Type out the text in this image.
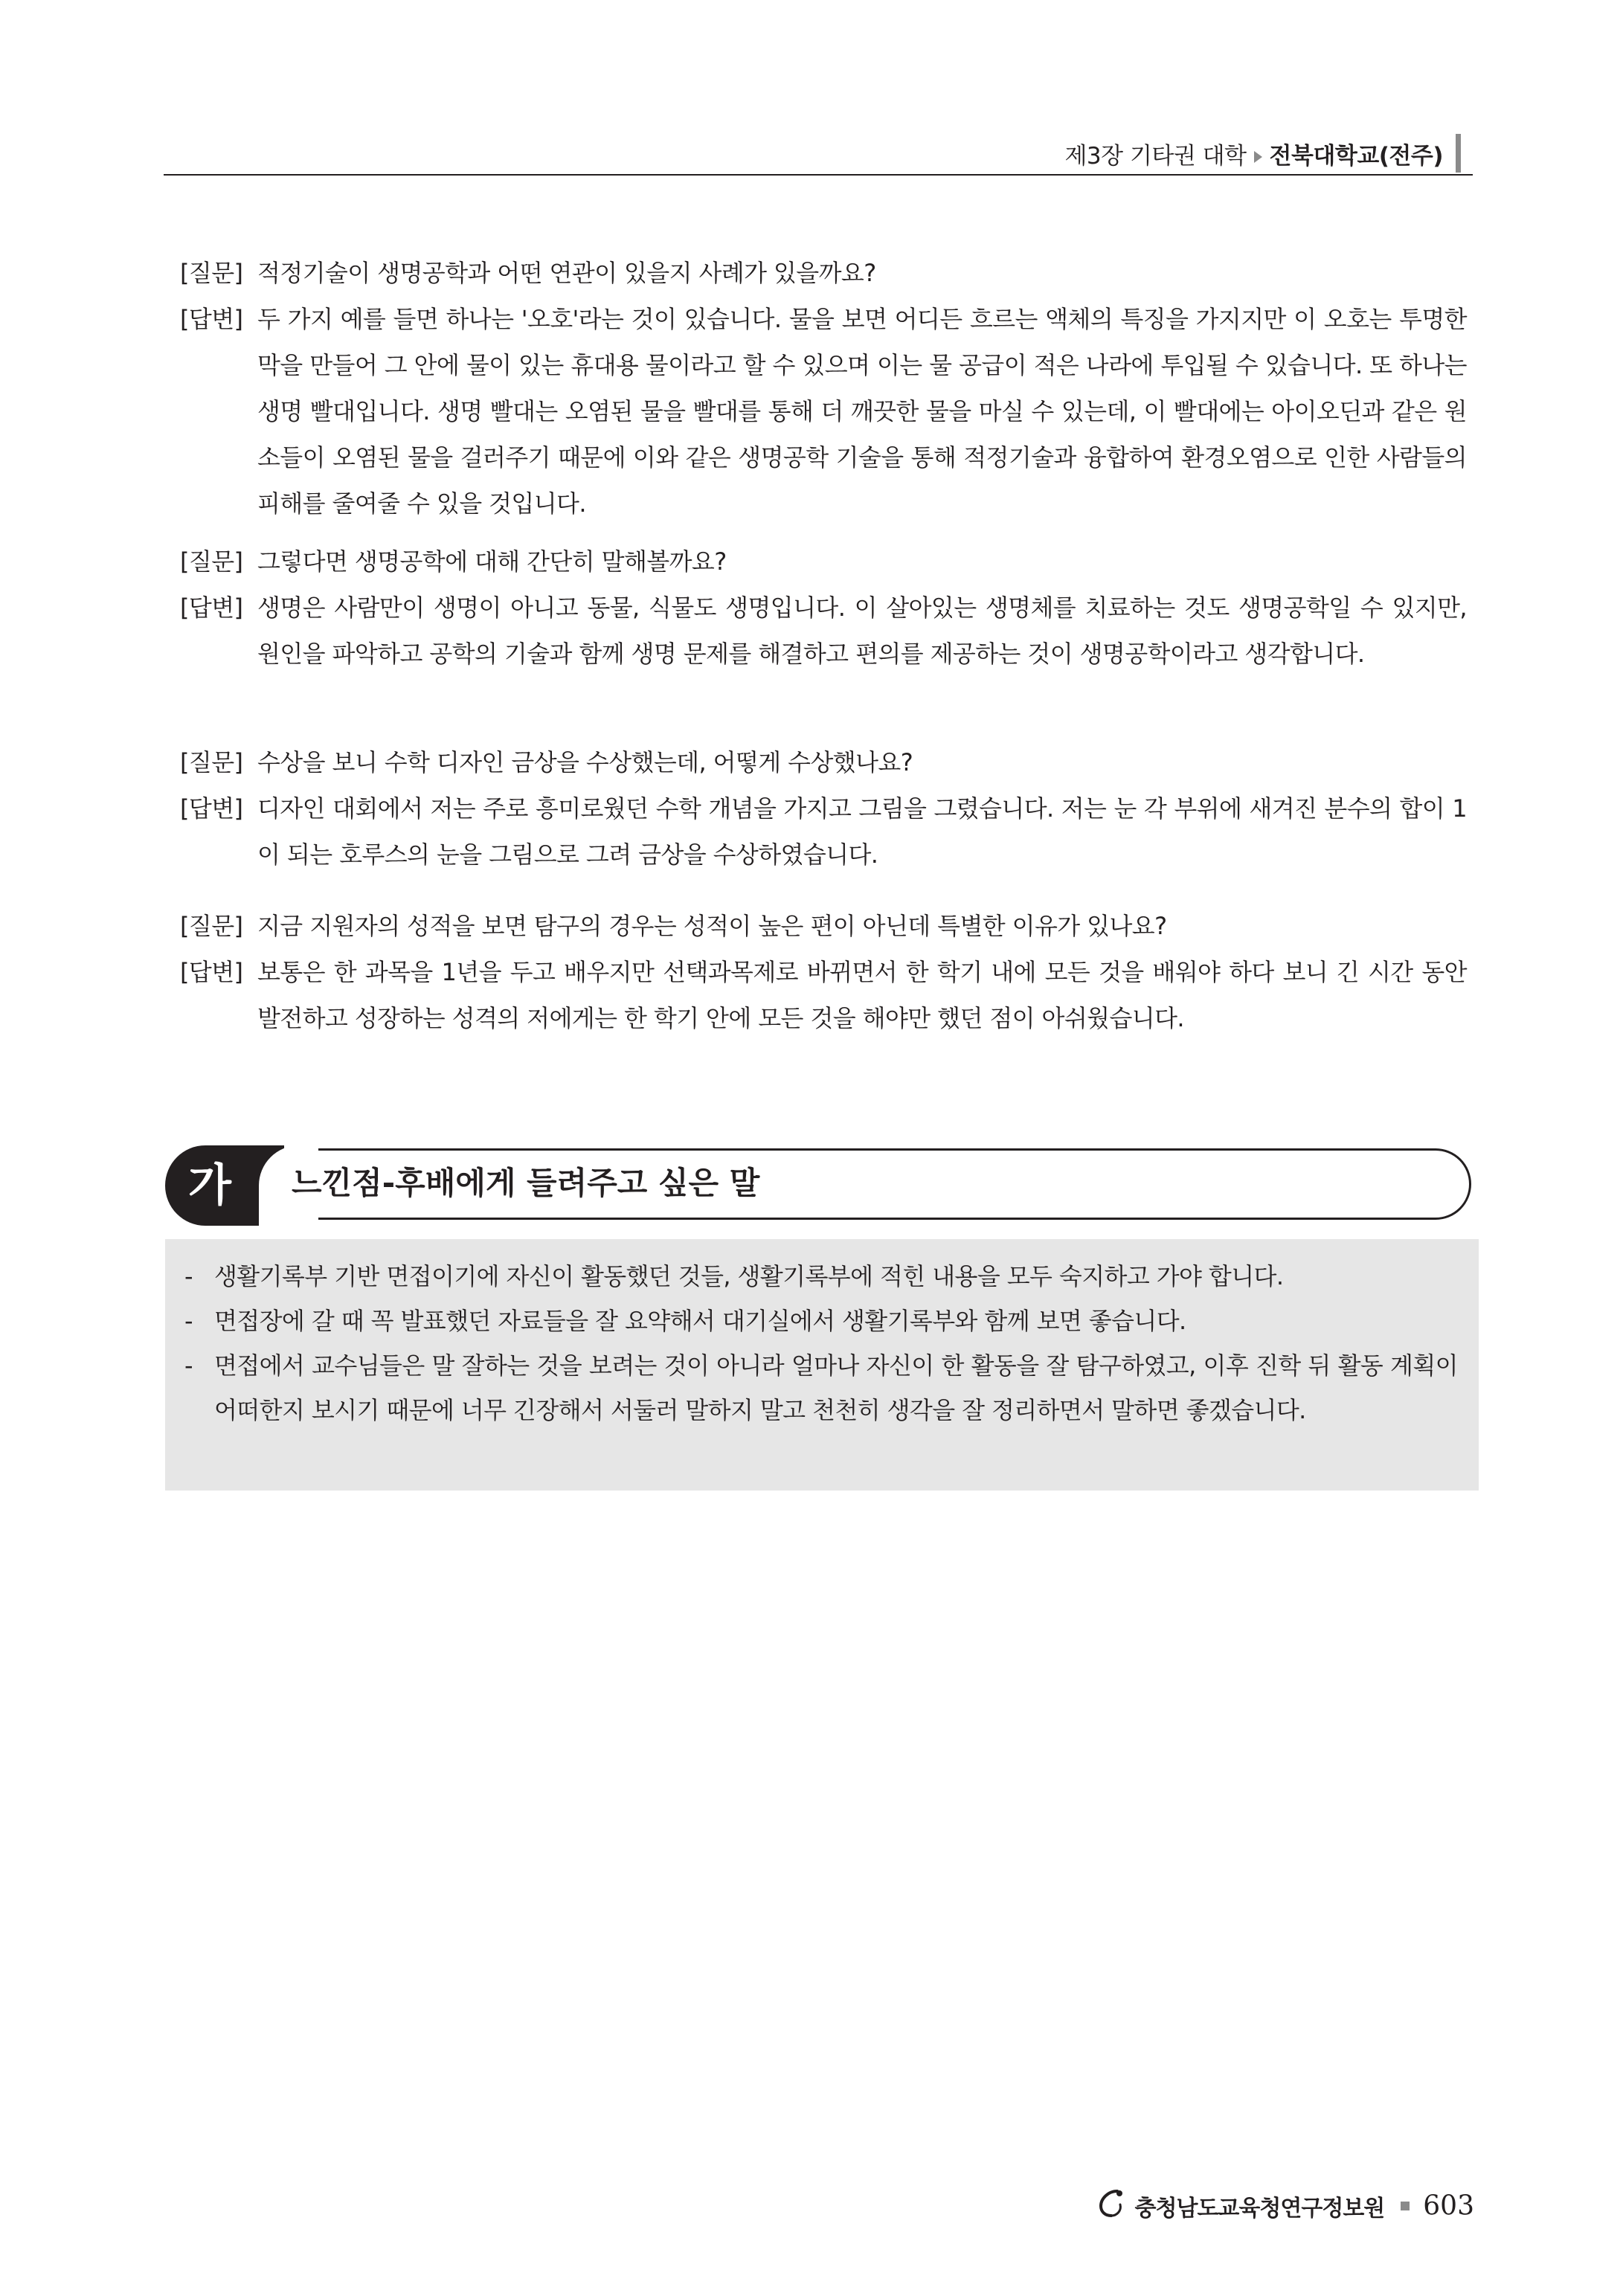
제3장 기타권 대학 전북대학교(전주)
[질문] 적정기술이 생명공학과 어떤 연관이 있을지 사례가 있을까요?
[답변] 두 가지 예를 들면 하나는 '오호'라는 것이 있습니다. 물을 보면 어디든 흐르는 액체의 특징을 가지지만 이 오호는 투명한 막을 만들어 그 안에 물이 있는 휴대용 물이라고 할 수 있으며 이는 물 공급이 적은 나라에 투입될 수 있습니다. 또 하나는 생명 빨대입니다. 생명 빨대는 오염된 물을 빨대를 통해 더 깨끗한 물을 마실 수 있는데, 이 빨대에는 아이오딘과 같은 원소들이 오염된 물을 걸러주기 때문에 이와 같은 생명공학 기술을 통해 적정기술과 융합하여 환경오염으로 인한 사람들의 피해를 줄여줄 수 있을 것입니다.
[질문] 그렇다면 생명공학에 대해 간단히 말해볼까요?
[답변] 생명은 사람만이 생명이 아니고 동물, 식물도 생명입니다. 이 살아있는 생명체를 치료하는 것도 생명공학일 수 있지만, 원인을 파악하고 공학의 기술과 함께 생명 문제를 해결하고 편의를 제공하는 것이 생명공학이라고 생각합니다.
[질문] 수상을 보니 수학 디자인 금상을 수상했는데, 어떻게 수상했나요?
[답변] 디자인 대회에서 저는 주로 흥미로웠던 수학 개념을 가지고 그림을 그렸습니다. 저는 눈 각 부위에 새겨진 분수의 합이 1이 되는 호루스의 눈을 그림으로 그려 금상을 수상하였습니다.
[질문] 지금 지원자의 성적을 보면 탐구의 경우는 성적이 높은 편이 아닌데 특별한 이유가 있나요?
[답변] 보통은 한 과목을 1년을 두고 배우지만 선택과목제로 바뀌면서 한 학기 내에 모든 것을 배워야 하다 보니 긴 시간 동안 발전하고 성장하는 성격의 저에게는 한 학기 안에 모든 것을 해야만 했던 점이 아쉬웠습니다.
가 느낀점-후배에게 들려주고 싶은 말
- 생활기록부 기반 면접이기에 자신이 활동했던 것들, 생활기록부에 적힌 내용을 모두 숙지하고 가야 합니다.
- 면접장에 갈 때 꼭 발표했던 자료들을 잘 요약해서 대기실에서 생활기록부와 함께 보면 좋습니다.
- 면접에서 교수님들은 말 잘하는 것을 보려는 것이 아니라 얼마나 자신이 한 활동을 잘 탐구하였고, 이후 진학 뒤 활동 계획이 어떠한지 보시기 때문에 너무 긴장해서 서둘러 말하지 말고 천천히 생각을 잘 정리하면서 말하면 좋겠습니다.
충청남도교육청연구정보원 603
